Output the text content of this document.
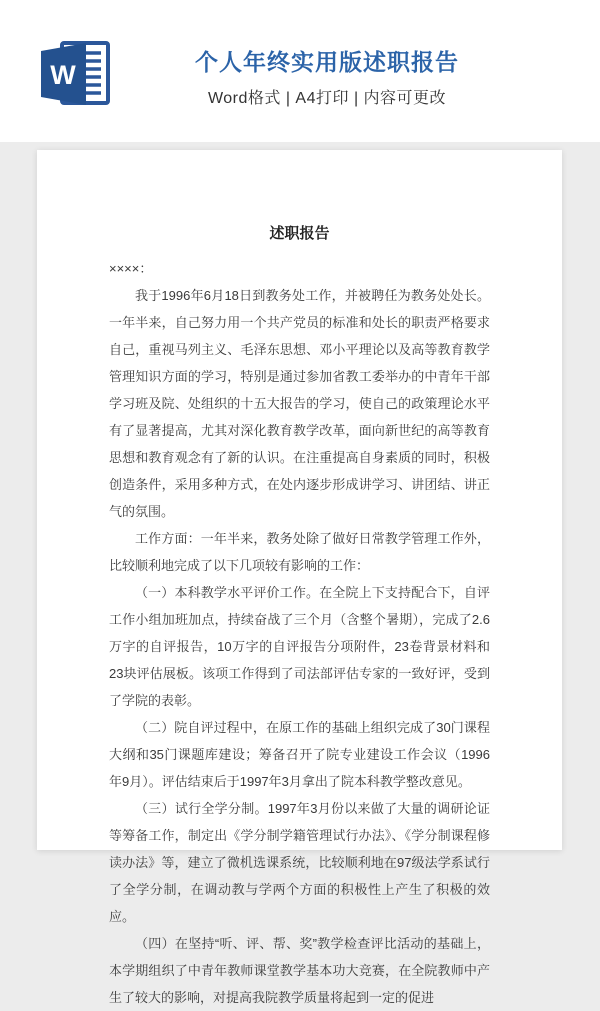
W	个人年终实用版述职报告

Word格式 | A4打印 | 内容可更改

述职报告

××××：

我于1996年6月18日到教务处工作，并被聘任为教务处处长。一年半来，自己努力用一个共产党员的标准和处长的职责严格要求自己，重视马列主义、毛泽东思想、邓小平理论以及高等教育教学管理知识方面的学习，特别是通过参加省教工委举办的中青年干部学习班及院、处组织的十五大报告的学习，使自己的政策理论水平有了显著提高，尤其对深化教育教学改革，面向新世纪的高等教育思想和教育观念有了新的认识。在注重提高自身素质的同时，积极创造条件，采用多种方式，在处内逐步形成讲学习、讲团结、讲正气的氛围。

工作方面：一年半来，教务处除了做好日常教学管理工作外，比较顺利地完成了以下几项较有影响的工作：

（一）本科教学水平评价工作。在全院上下支持配合下，自评工作小组加班加点，持续奋战了三个月（含整个暑期），完成了2.6万字的自评报告，10万字的自评报告分项附件，23卷背景材料和23块评估展板。该项工作得到了司法部评估专家的一致好评，受到了学院的表彰。

（二）院自评过程中，在原工作的基础上组织完成了30门课程大纲和35门课题库建设；筹备召开了院专业建设工作会议（1996年9月）。评估结束后于1997年3月拿出了院本科教学整改意见。

（三）试行全学分制。1997年3月份以来做了大量的调研论证等筹备工作，制定出《学分制学籍管理试行办法》、《学分制课程修读办法》等，建立了微机选课系统，比较顺利地在97级法学系试行了全学分制，在调动教与学两个方面的积极性上产生了积极的效应。

（四）在坚持“听、评、帮、奖”教学检查评比活动的基础上，本学期组织了中青年教师课堂教学基本功大竞赛，在全院教师中产生了较大的影响，对提高我院教学质量将起到一定的促进
